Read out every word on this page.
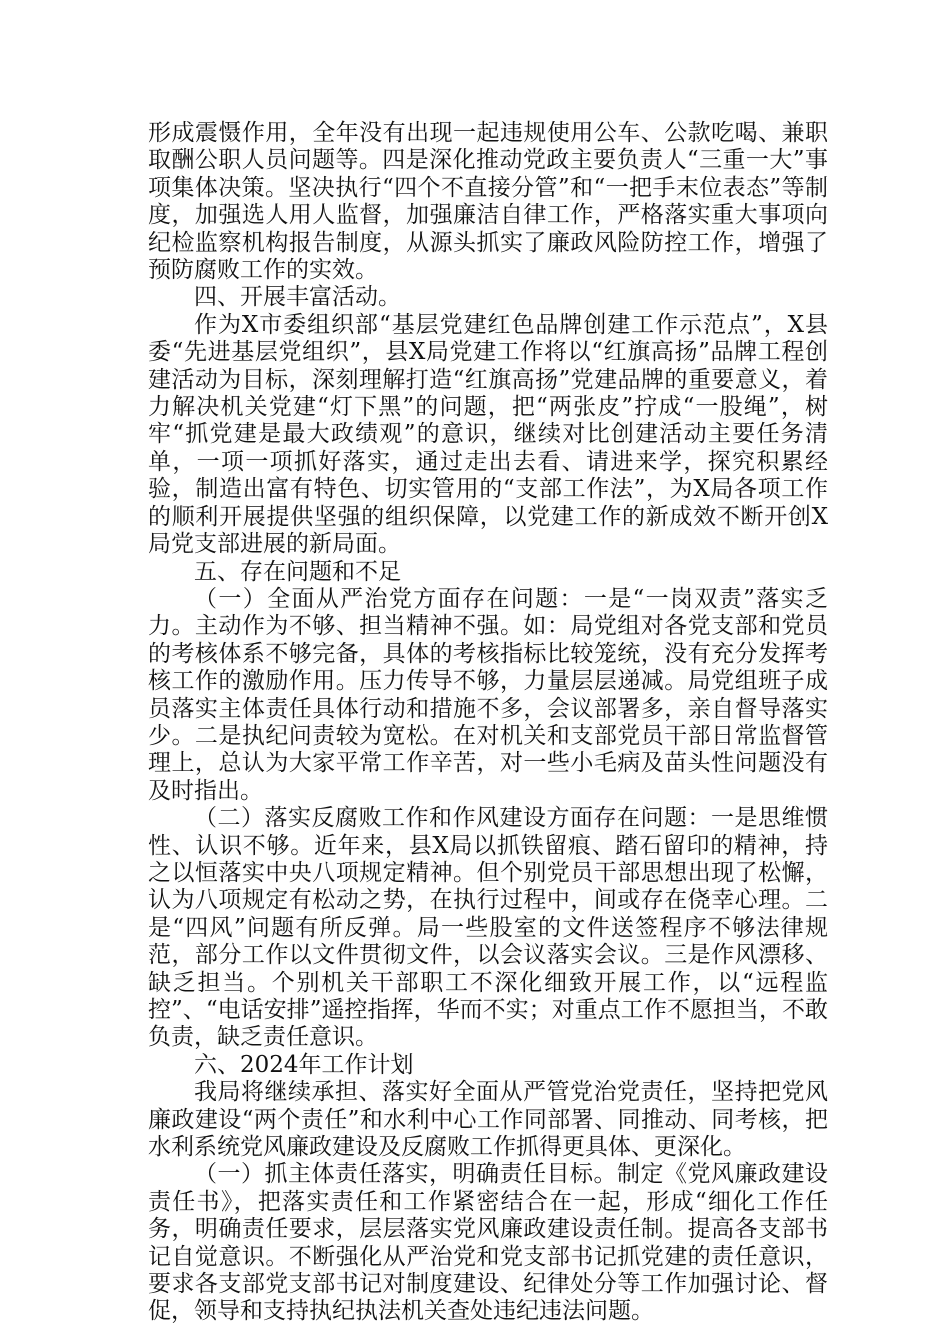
形成震慑作用，全年没有出现一起违规使用公车、公款吃喝、兼职取酬公职人员问题等。四是深化推动党政主要负责人“三重一大”事项集体决策。坚决执行“四个不直接分管”和“一把手末位表态”等制度，加强选人用人监督，加强廉洁自律工作，严格落实重大事项向纪检监察机构报告制度，从源头抓实了廉政风险防控工作，增强了预防腐败工作的实效。

四、开展丰富活动。

作为X市委组织部“基层党建红色品牌创建工作示范点”，X县委“先进基层党组织”，县X局党建工作将以“红旗高扬”品牌工程创建活动为目标，深刻理解打造“红旗高扬”党建品牌的重要意义，着力解决机关党建“灯下黑”的问题，把“两张皮”拧成“一股绳”，树牢“抓党建是最大政绩观”的意识，继续对比创建活动主要任务清单，一项一项抓好落实，通过走出去看、请进来学，探究积累经验，制造出富有特色、切实管用的“支部工作法”，为X局各项工作的顺利开展提供坚强的组织保障，以党建工作的新成效不断开创X局党支部进展的新局面。

五、存在问题和不足

（一）全面从严治党方面存在问题：一是“一岗双责”落实乏力。主动作为不够、担当精神不强。如：局党组对各党支部和党员的考核体系不够完备，具体的考核指标比较笼统，没有充分发挥考核工作的激励作用。压力传导不够，力量层层递减。局党组班子成员落实主体责任具体行动和措施不多，会议部署多，亲自督导落实少。二是执纪问责较为宽松。在对机关和支部党员干部日常监督管理上，总认为大家平常工作辛苦，对一些小毛病及苗头性问题没有及时指出。

（二）落实反腐败工作和作风建设方面存在问题：一是思维惯性、认识不够。近年来，县X局以抓铁留痕、踏石留印的精神，持之以恒落实中央八项规定精神。但个别党员干部思想出现了松懈，认为八项规定有松动之势，在执行过程中，间或存在侥幸心理。二是“四风”问题有所反弹。局一些股室的文件送签程序不够法律规范，部分工作以文件贯彻文件，以会议落实会议。三是作风漂移、缺乏担当。个别机关干部职工不深化细致开展工作，以“远程监控”、“电话安排”遥控指挥，华而不实；对重点工作不愿担当，不敢负责，缺乏责任意识。

六、2024年工作计划

我局将继续承担、落实好全面从严管党治党责任，坚持把党风廉政建设“两个责任”和水利中心工作同部署、同推动、同考核，把水利系统党风廉政建设及反腐败工作抓得更具体、更深化。

（一）抓主体责任落实，明确责任目标。制定《党风廉政建设责任书》，把落实责任和工作紧密结合在一起，形成“细化工作任务，明确责任要求，层层落实党风廉政建设责任制。提高各支部书记自觉意识。不断强化从严治党和党支部书记抓党建的责任意识，要求各支部党支部书记对制度建设、纪律处分等工作加强讨论、督促，领导和支持执纪执法机关查处违纪违法问题。
